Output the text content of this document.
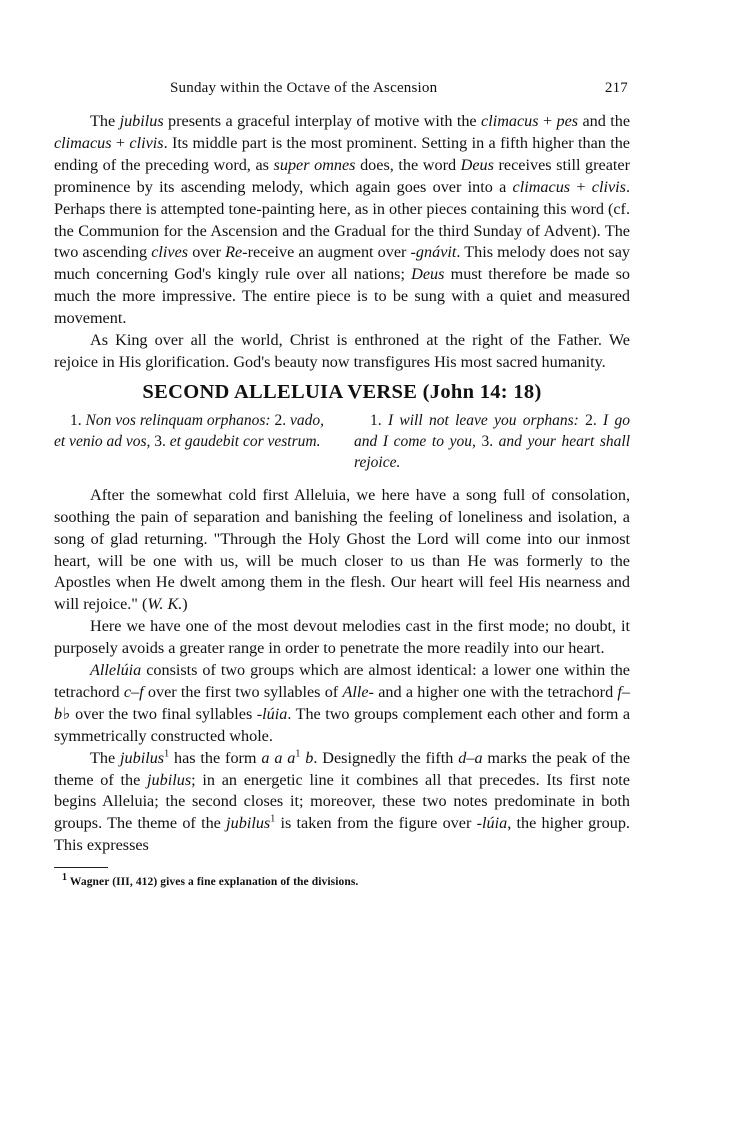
Sunday within the Octave of the Ascension	217

The jubilus presents a graceful interplay of motive with the climacus + pes and the climacus + clivis. Its middle part is the most prominent. Setting in a fifth higher than the ending of the preceding word, as super omnes does, the word Deus receives still greater prominence by its ascending melody, which again goes over into a climacus + clivis. Perhaps there is attempted tone-painting here, as in other pieces containing this word (cf. the Communion for the Ascension and the Gradual for the third Sunday of Advent). The two ascending clives over Re-receive an augment over -gnávit. This melody does not say much concerning God's kingly rule over all nations; Deus must therefore be made so much the more impressive. The entire piece is to be sung with a quiet and measured movement.

As King over all the world, Christ is enthroned at the right of the Father. We rejoice in His glorification. God's beauty now transfigures His most sacred humanity.

SECOND ALLELUIA VERSE (John 14: 18)
1. Non vos relinquam orphanos: 2. vado, et venio ad vos, 3. et gaudebit cor vestrum.
1. I will not leave you orphans: 2. I go and I come to you, 3. and your heart shall rejoice.

After the somewhat cold first Alleluia, we here have a song full of consolation, soothing the pain of separation and banishing the feeling of loneliness and isolation, a song of glad returning. "Through the Holy Ghost the Lord will come into our inmost heart, will be one with us, will be much closer to us than He was formerly to the Apostles when He dwelt among them in the flesh. Our heart will feel His nearness and will rejoice." (W. K.)

Here we have one of the most devout melodies cast in the first mode; no doubt, it purposely avoids a greater range in order to penetrate the more readily into our heart.

Allelúia consists of two groups which are almost identical: a lower one within the tetrachord c–f over the first two syllables of Alle- and a higher one with the tetrachord f–b♭ over the two final syllables -lúia. The two groups complement each other and form a symmetrically constructed whole.

The jubilus$^1$ has the form a a $a^1$ b. Designedly the fifth d–a marks the peak of the theme of the jubilus; in an energetic line it combines all that precedes. Its first note begins Alleluia; the second closes it; moreover, these two notes predominate in both groups. The theme of the jubilus$^1$ is taken from the figure over -lúia, the higher group. This expresses

$^1$ Wagner (III, 412) gives a fine explanation of the divisions.
